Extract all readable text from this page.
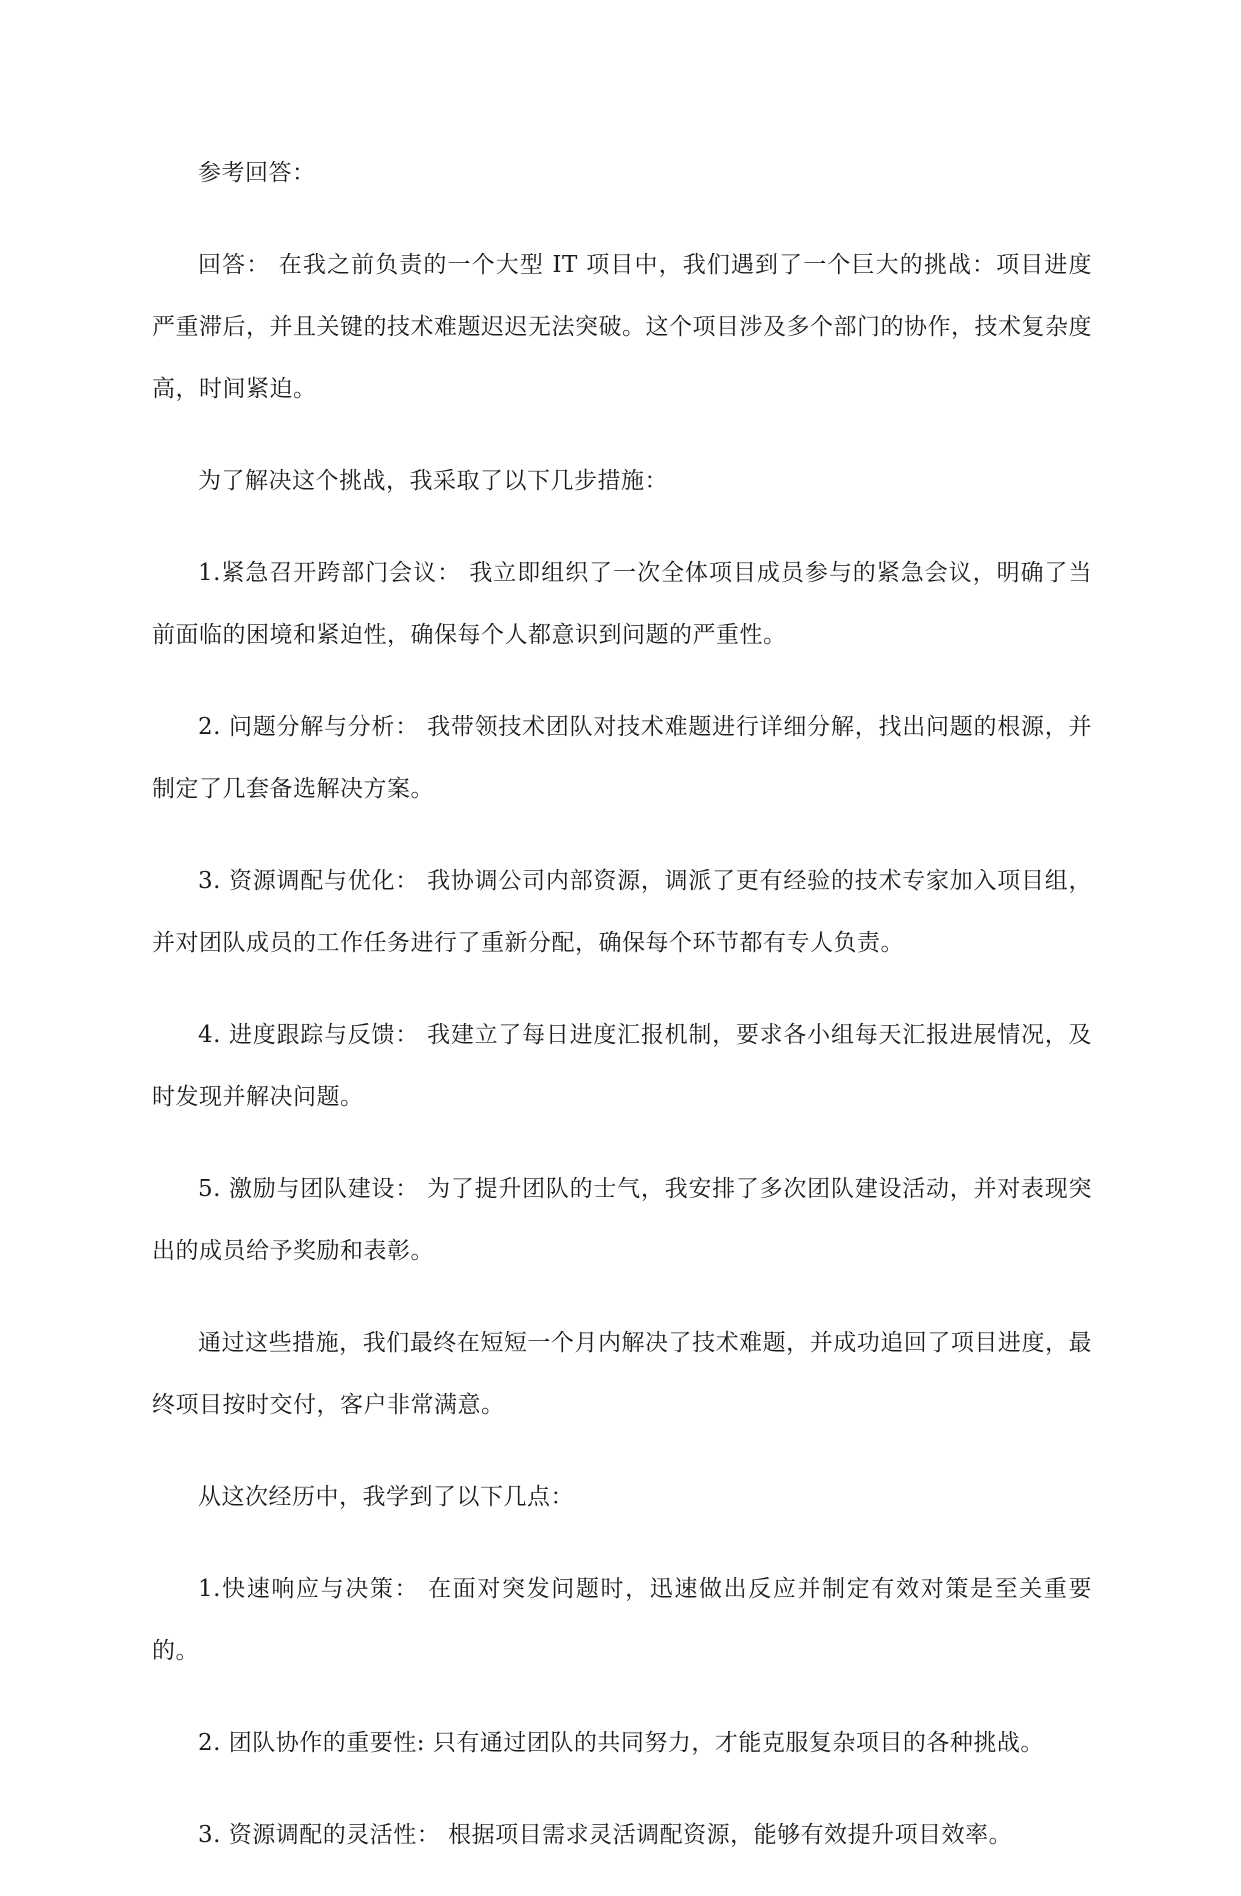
参考回答：

回答： 在我之前负责的一个大型 IT 项目中，我们遇到了一个巨大的挑战：项目进度严重滞后，并且关键的技术难题迟迟无法突破。这个项目涉及多个部门的协作，技术复杂度高，时间紧迫。

为了解决这个挑战，我采取了以下几步措施：

1.紧急召开跨部门会议： 我立即组织了一次全体项目成员参与的紧急会议，明确了当前面临的困境和紧迫性，确保每个人都意识到问题的严重性。

2. 问题分解与分析： 我带领技术团队对技术难题进行详细分解，找出问题的根源，并制定了几套备选解决方案。

3. 资源调配与优化： 我协调公司内部资源，调派了更有经验的技术专家加入项目组，并对团队成员的工作任务进行了重新分配，确保每个环节都有专人负责。

4. 进度跟踪与反馈： 我建立了每日进度汇报机制，要求各小组每天汇报进展情况，及时发现并解决问题。

5. 激励与团队建设： 为了提升团队的士气，我安排了多次团队建设活动，并对表现突出的成员给予奖励和表彰。

通过这些措施，我们最终在短短一个月内解决了技术难题，并成功追回了项目进度，最终项目按时交付，客户非常满意。

从这次经历中，我学到了以下几点：

1.快速响应与决策： 在面对突发问题时，迅速做出反应并制定有效对策是至关重要的。

2. 团队协作的重要性: 只有通过团队的共同努力，才能克服复杂项目的各种挑战。

3. 资源调配的灵活性： 根据项目需求灵活调配资源，能够有效提升项目效率。
